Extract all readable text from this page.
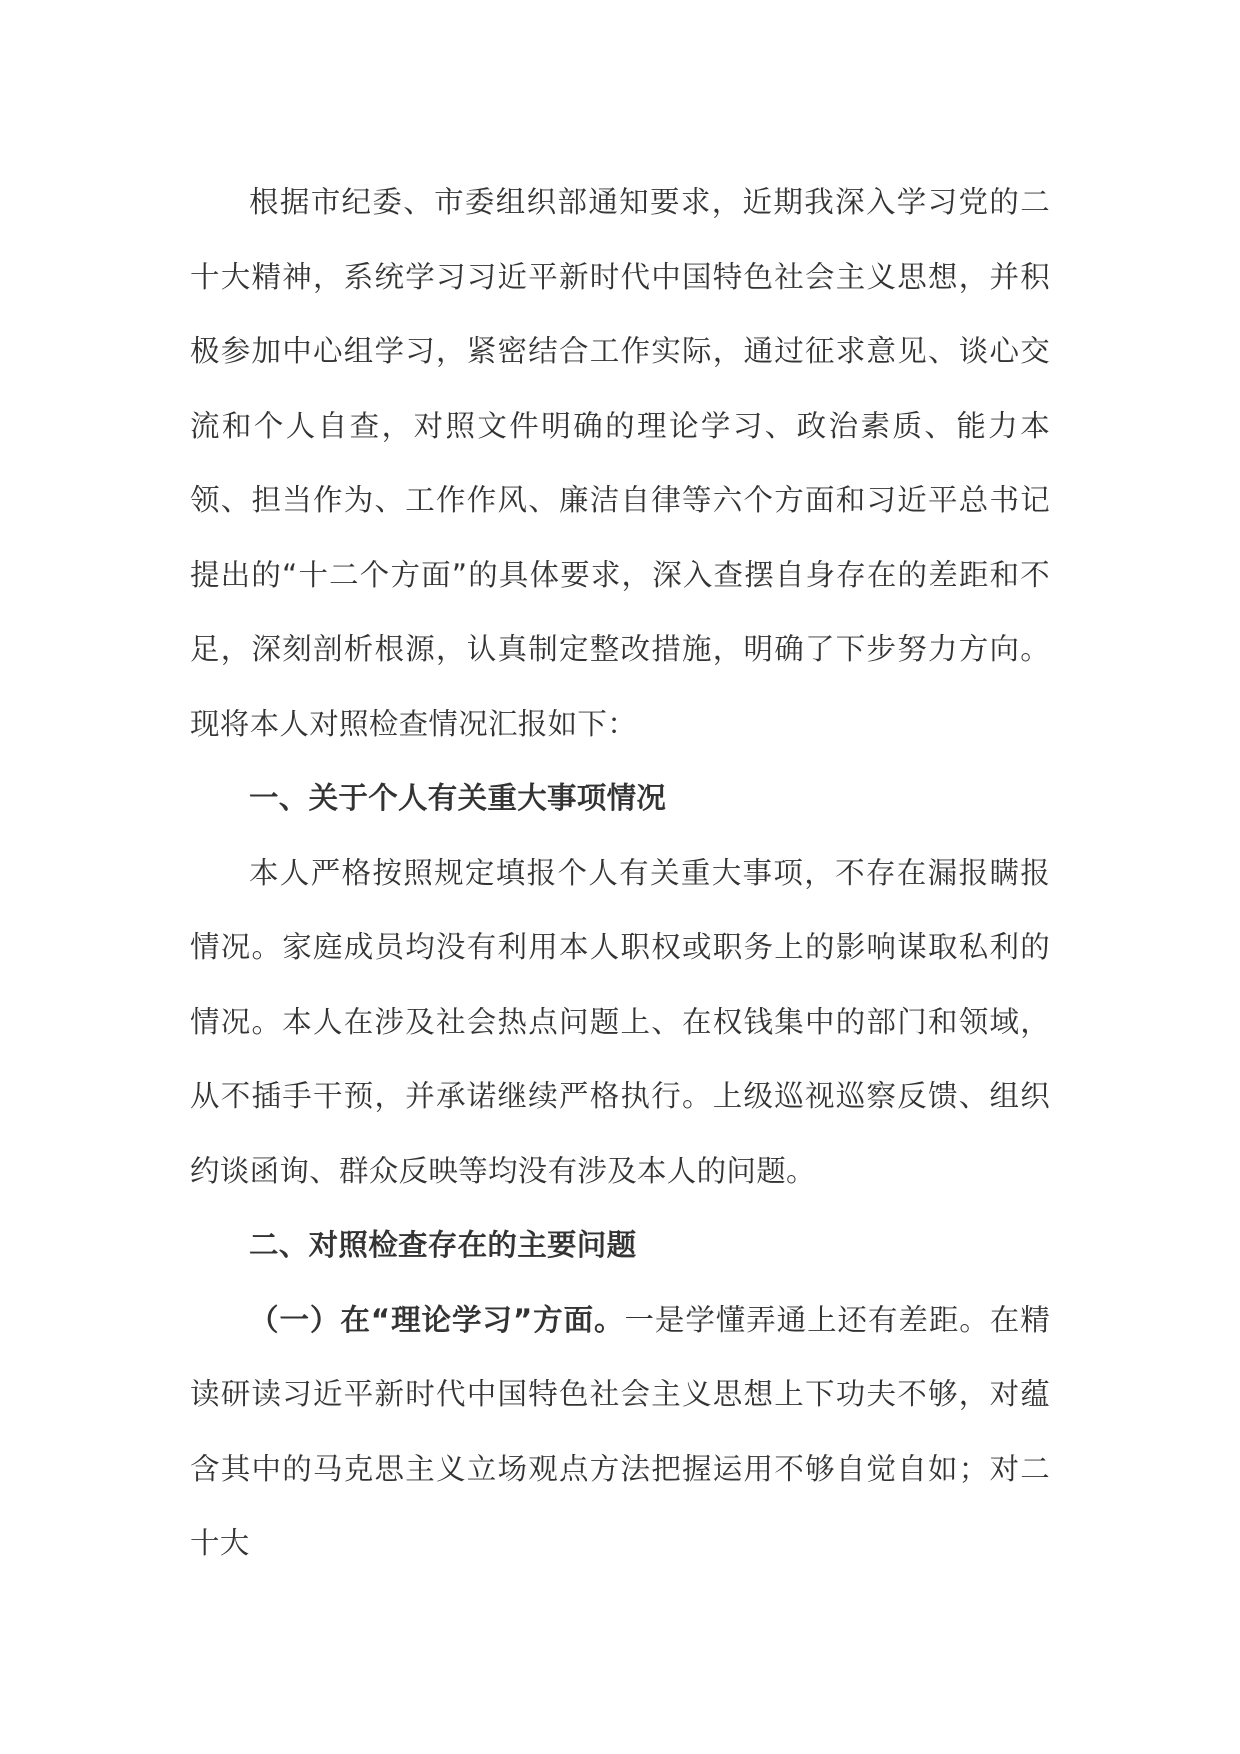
根据市纪委、市委组织部通知要求，近期我深入学习党的二十大精神，系统学习习近平新时代中国特色社会主义思想，并积极参加中心组学习，紧密结合工作实际，通过征求意见、谈心交流和个人自查，对照文件明确的理论学习、政治素质、能力本领、担当作为、工作作风、廉洁自律等六个方面和习近平总书记提出的“十二个方面”的具体要求，深入查摆自身存在的差距和不足，深刻剖析根源，认真制定整改措施，明确了下步努力方向。现将本人对照检查情况汇报如下：

一、关于个人有关重大事项情况

本人严格按照规定填报个人有关重大事项，不存在漏报瞒报情况。家庭成员均没有利用本人职权或职务上的影响谋取私利的情况。本人在涉及社会热点问题上、在权钱集中的部门和领域，从不插手干预，并承诺继续严格执行。上级巡视巡察反馈、组织约谈函询、群众反映等均没有涉及本人的问题。

二、对照检查存在的主要问题

（一）在“理论学习”方面。一是学懂弄通上还有差距。在精读研读习近平新时代中国特色社会主义思想上下功夫不够，对蕴含其中的马克思主义立场观点方法把握运用不够自觉自如；对二十大
